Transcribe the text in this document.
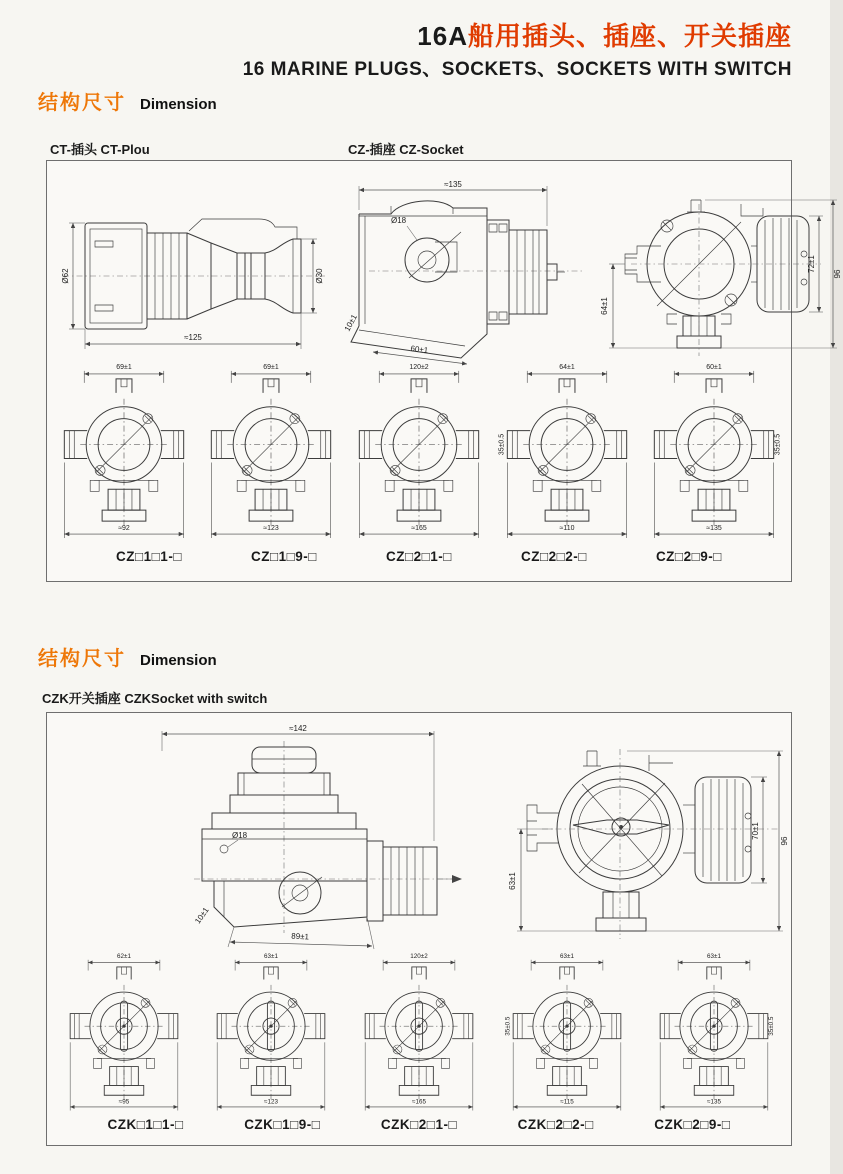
16A船用插头、插座、开关插座
16 MARINE PLUGS、SOCKETS、SOCKETS WITH SWITCH
结构尺寸 Dimension
CT-插头 CT-Plou	CZ-插座 CZ-Socket
Ø62
≈125
Ø30
≈135
Ø18
60±1
10±1
64±1
72±1
96
69±1
≈92
69±1
≈123
120±2
≈165
64±1
≈110
35±0.5
60±1
≈135
35±0.5
CZ□1□1-□	CZ□1□9-□	CZ□2□1-□	CZ□2□2-□	CZ□2□9-□
结构尺寸 Dimension
CZK开关插座 CZKSocket with switch
≈142
Ø18
89±1
10±1
63±1
70±1
96
62±1
≈95
63±1
≈123
120±2
≈165
63±1
≈115
35±0.5
63±1
≈135
35±0.5
CZK□1□1-□	CZK□1□9-□	CZK□2□1-□	CZK□2□2-□	CZK□2□9-□
